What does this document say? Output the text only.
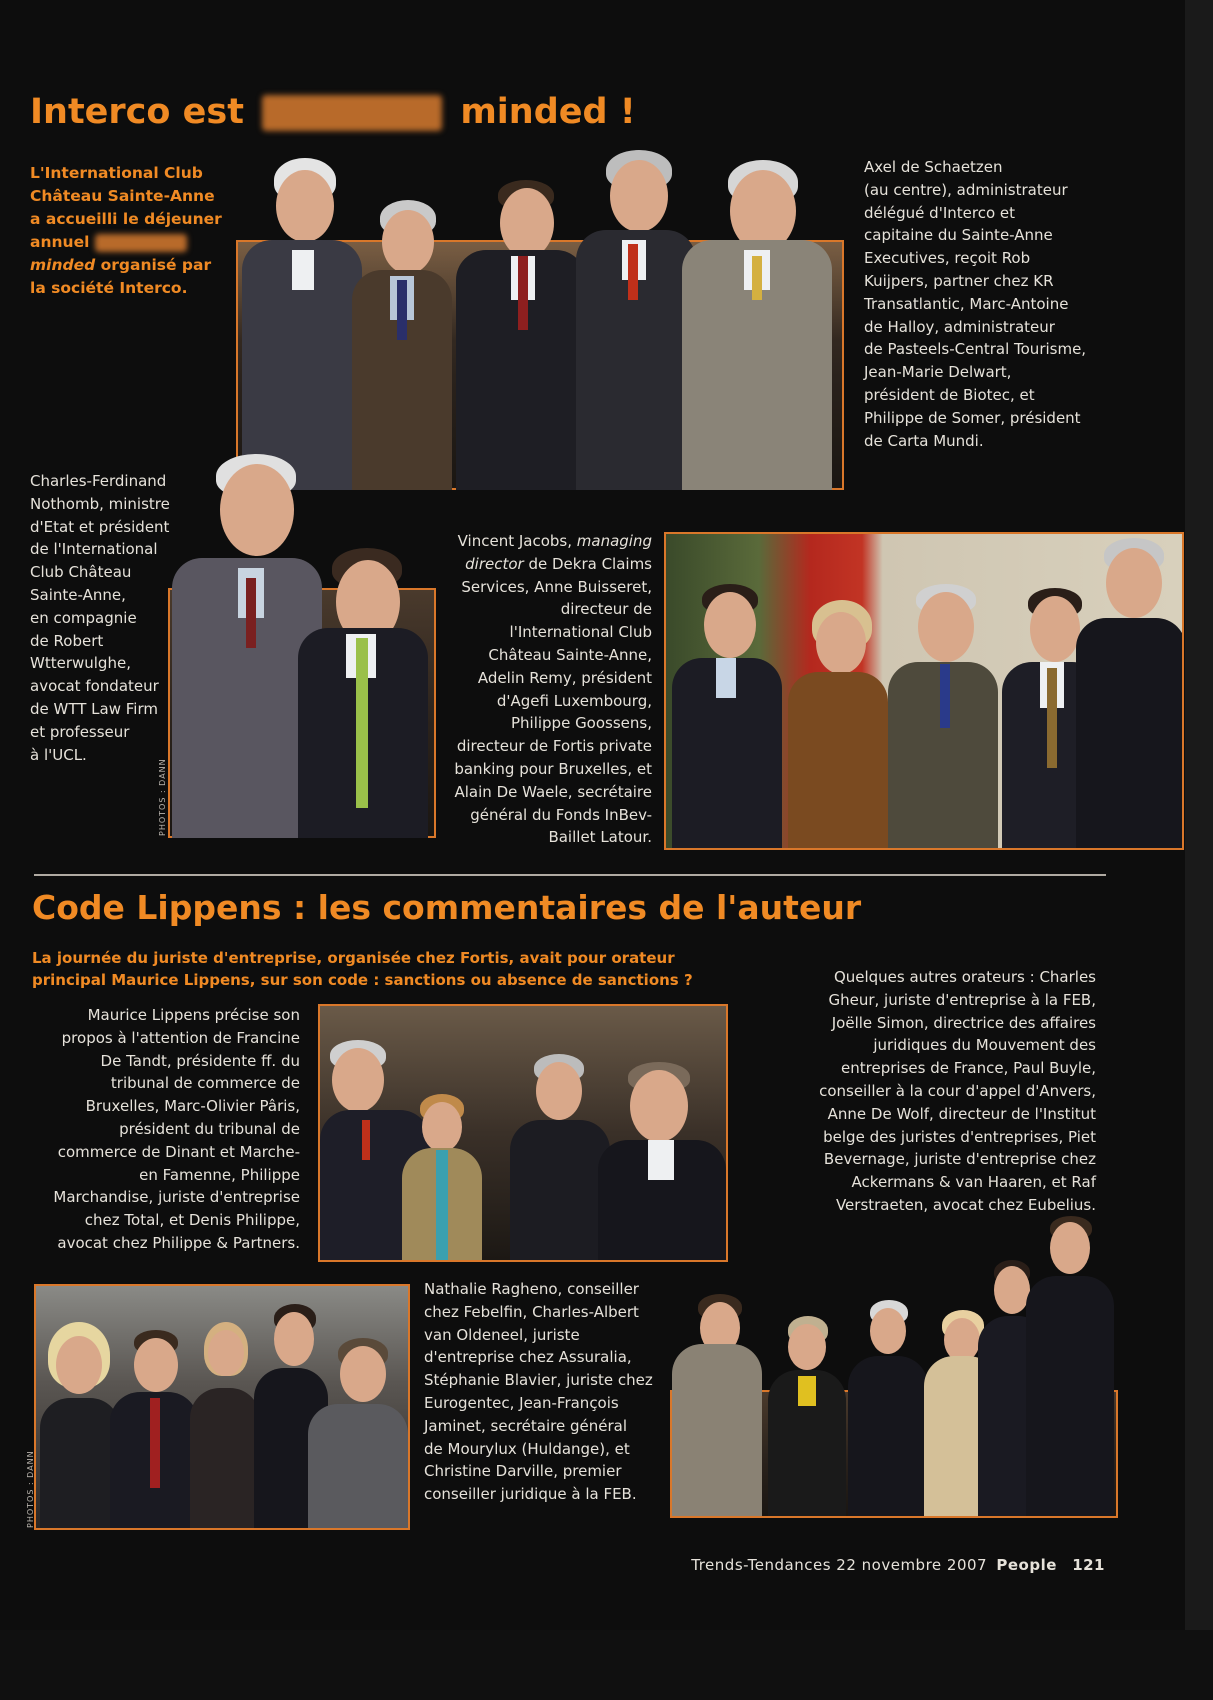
Interco est	minded !
L'International Club
Château Sainte-Anne
a accueilli le déjeuner
annuel
minded organisé par
la société Interco.
Axel de Schaetzen
(au centre), administrateur
délégué d'Interco et
capitaine du Sainte-Anne
Executives, reçoit Rob
Kuijpers, partner chez KR
Transatlantic, Marc-Antoine
de Halloy, administrateur
de Pasteels-Central Tourisme,
Jean-Marie Delwart,
président de Biotec, et
Philippe de Somer, président
de Carta Mundi.
Charles-Ferdinand
Nothomb, ministre
d'Etat et président
de l'International
Club Château
Sainte-Anne,
en compagnie
de Robert
Wtterwulghe,
avocat fondateur
de WTT Law Firm
et professeur
à l'UCL.
PHOTOS : DANN
Vincent Jacobs, managing
director de Dekra Claims
Services, Anne Buisseret,
directeur de
l'International Club
Château Sainte-Anne,
Adelin Remy, président
d'Agefi Luxembourg,
Philippe Goossens,
directeur de Fortis private
banking pour Bruxelles, et
Alain De Waele, secrétaire
général du Fonds InBev-
Baillet Latour.
Code Lippens : les commentaires de l'auteur
La journée du juriste d'entreprise, organisée chez Fortis, avait pour orateur
principal Maurice Lippens, sur son code : sanctions ou absence de sanctions ?
Maurice Lippens précise son
propos à l'attention de Francine
De Tandt, présidente ff. du
tribunal de commerce de
Bruxelles, Marc-Olivier Pâris,
président du tribunal de
commerce de Dinant et Marche-
en Famenne, Philippe
Marchandise, juriste d'entreprise
chez Total, et Denis Philippe,
avocat chez Philippe & Partners.
Quelques autres orateurs : Charles
Gheur, juriste d'entreprise à la FEB,
Joëlle Simon, directrice des affaires
juridiques du Mouvement des
entreprises de France, Paul Buyle,
conseiller à la cour d'appel d'Anvers,
Anne De Wolf, directeur de l'Institut
belge des juristes d'entreprises, Piet
Bevernage, juriste d'entreprise chez
Ackermans & van Haaren, et Raf
Verstraeten, avocat chez Eubelius.
PHOTOS : DANN
Nathalie Ragheno, conseiller
chez Febelfin, Charles-Albert
van Oldeneel, juriste
d'entreprise chez Assuralia,
Stéphanie Blavier, juriste chez
Eurogentec, Jean-François
Jaminet, secrétaire général
de Mourylux (Huldange), et
Christine Darville, premier
conseiller juridique à la FEB.
Trends-Tendances 22 novembre 2007 People 121
